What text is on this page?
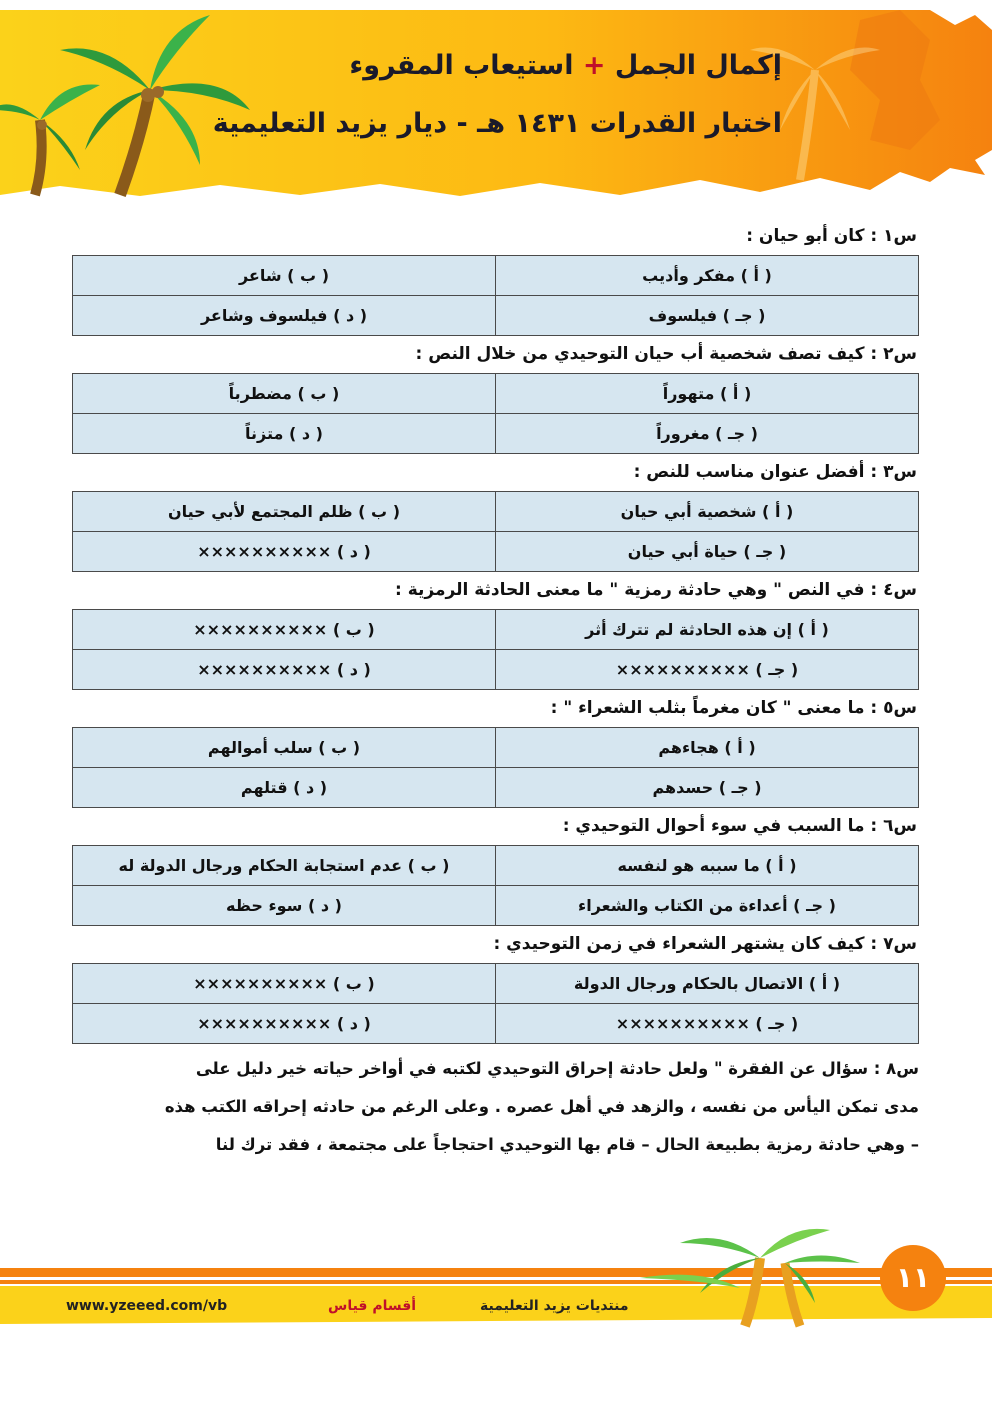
إكمال الجمل + استيعاب المقروء
اختبار القدرات ١٤٣١ هـ - ديار يزيد التعليمية
س١ : كان أبو حيان :
( أ ) مفكر وأديب	( ب ) شاعر
( جـ ) فيلسوف	( د ) فيلسوف وشاعر
س٢ : كيف تصف شخصية أب حيان التوحيدي من خلال النص :
( أ ) متهوراً	( ب ) مضطرباً
( جـ ) مغروراً	( د ) متزناً
س٣ : أفضل عنوان مناسب للنص :
( أ ) شخصية أبي حيان	( ب ) ظلم المجتمع لأبي حيان
( جـ ) حياة أبي حيان	( د ) ××××××××××
س٤ : في النص " وهي حادثة رمزية " ما معنى الحادثة الرمزية :
( أ ) إن هذه الحادثة لم تترك أثر	( ب ) ××××××××××
( جـ ) ××××××××××	( د ) ××××××××××
س٥ : ما معنى " كان مغرماً بثلب الشعراء " :
( أ ) هجاءهم	( ب ) سلب أموالهم
( جـ ) حسدهم	( د ) قتلهم
س٦ : ما السبب في سوء أحوال التوحيدي :
( أ ) ما سببه هو لنفسه	( ب ) عدم استجابة الحكام ورجال الدولة له
( جـ ) أعداءة من الكتاب والشعراء	( د ) سوء حظه
س٧ : كيف كان يشتهر الشعراء في زمن التوحيدي :
( أ ) الاتصال بالحكام ورجال الدولة	( ب ) ××××××××××
( جـ ) ××××××××××	( د ) ××××××××××

س٨ : سؤال عن الفقرة " ولعل حادثة إحراق التوحيدي لكتبه في أواخر حياته خير دليل على

مدى تمكن اليأس من نفسه ، والزهد في أهل عصره . وعلى الرغم من حادثه إحراقه الكتب هذه

– وهي حادثة رمزية بطبيعة الحال – قام بها التوحيدي احتجاجاً على مجتمعة ، فقد ترك لنا

www.yzeeed.com/vb	أقسام قياس	منتديات يزيد التعليمية
١١
